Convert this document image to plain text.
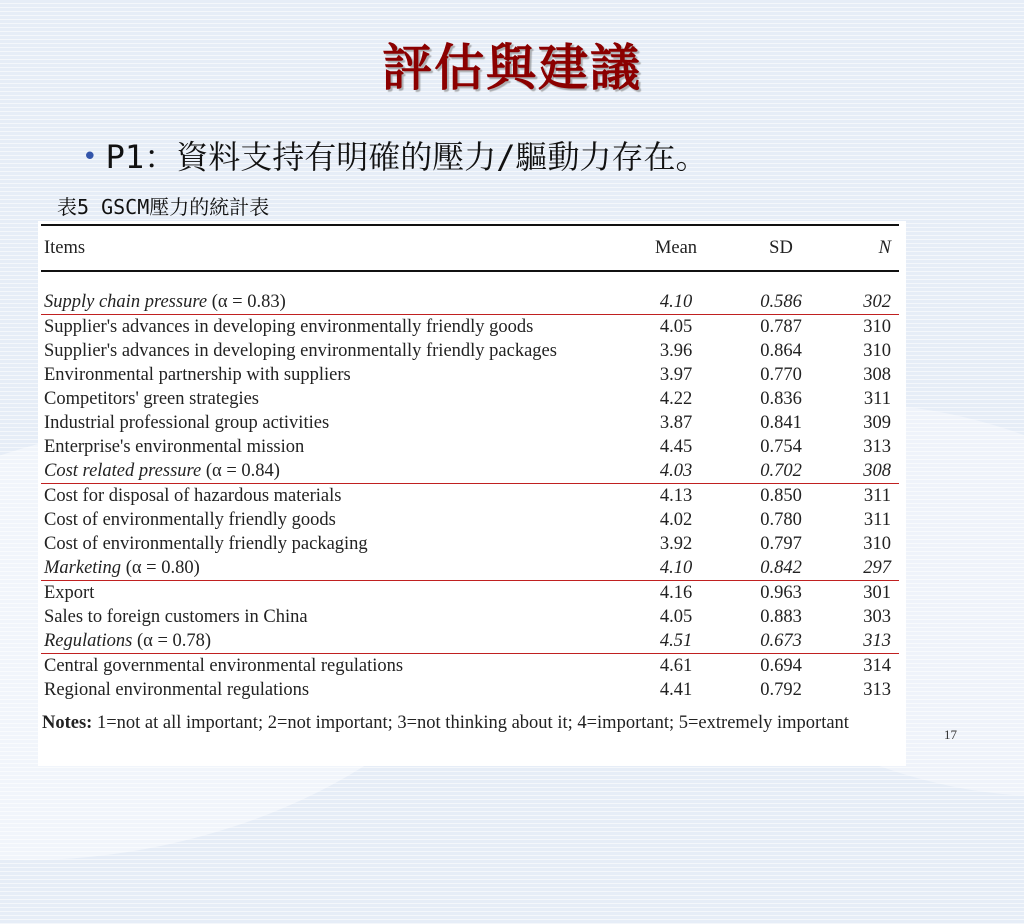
評估與建議
• P1：資料支持有明確的壓力/驅動力存在。
表5 GSCM壓力的統計表
Items	Mean	SD	N

Supply chain pressure (α = 0.83)	4.10	0.586	302
Supplier's advances in developing environmentally friendly goods	4.05	0.787	310
Supplier's advances in developing environmentally friendly packages	3.96	0.864	310
Environmental partnership with suppliers	3.97	0.770	308
Competitors' green strategies	4.22	0.836	311
Industrial professional group activities	3.87	0.841	309
Enterprise's environmental mission	4.45	0.754	313
Cost related pressure (α = 0.84)	4.03	0.702	308
Cost for disposal of hazardous materials	4.13	0.850	311
Cost of environmentally friendly goods	4.02	0.780	311
Cost of environmentally friendly packaging	3.92	0.797	310
Marketing (α = 0.80)	4.10	0.842	297
Export	4.16	0.963	301
Sales to foreign customers in China	4.05	0.883	303
Regulations (α = 0.78)	4.51	0.673	313
Central governmental environmental regulations	4.61	0.694	314
Regional environmental regulations	4.41	0.792	313
Notes: 1=not at all important; 2=not important; 3=not thinking about it; 4=important; 5=extremely important
17
